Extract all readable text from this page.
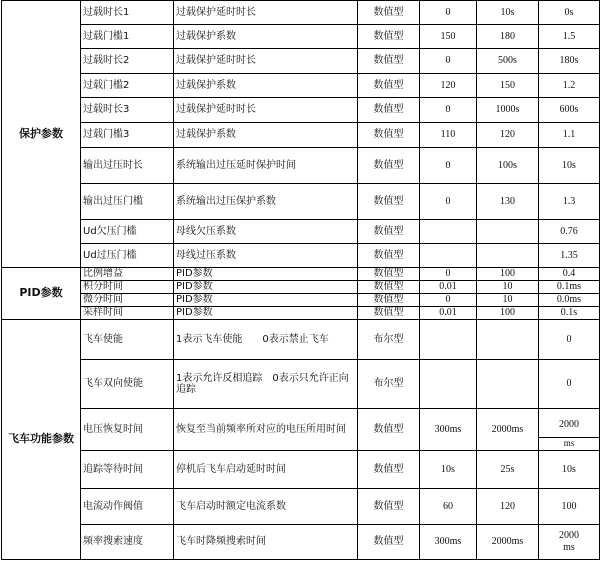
保护参数	过载时长1	过载保护延时时长	数值型	0	10s	0s
	过载门槛1	过载保护系数	数值型	150	180	1.5
	过载时长2	过载保护延时时长	数值型	0	500s	180s
	过载门槛2	过载保护系数	数值型	120	150	1.2
	过载时长3	过载保护延时时长	数值型	0	1000s	600s
	过载门槛3	过载保护系数	数值型	110	120	1.1
	输出过压时长	系统输出过压延时保护时间	数值型	0	100s	10s
	输出过压门槛	系统输出过压保护系数	数值型	0	130	1.3
	Ud欠压门槛	母线欠压系数	数值型			0.76
	Ud过压门槛	母线过压系数	数值型			1.35
PID参数	比例增益	PID参数	数值型	0	100	0.4
	积分时间	PID参数	数值型	0.01	10	0.1ms
	微分时间	PID参数	数值型	0	10	0.0ms
	采样时间	PID参数	数值型	0.01	100	0.1s
飞车功能参数	飞车使能	1表示飞车使能　　0表示禁止飞车	布尔型			0
	飞车双向使能	1表示允许反相追踪　0表示只允许正向追踪	布尔型			0
	电压恢复时间	恢复至当前频率所对应的电压所用时间	数值型	300ms	2000ms	2000
ms

	追踪等待时间	停机后飞车启动延时时间	数值型	10s	25s	10s
	电流动作阀值	飞车启动时额定电流系数	数值型	60	120	100
	频率搜索速度	飞车时降频搜索时间	数值型	300ms	2000ms	2000
ms
